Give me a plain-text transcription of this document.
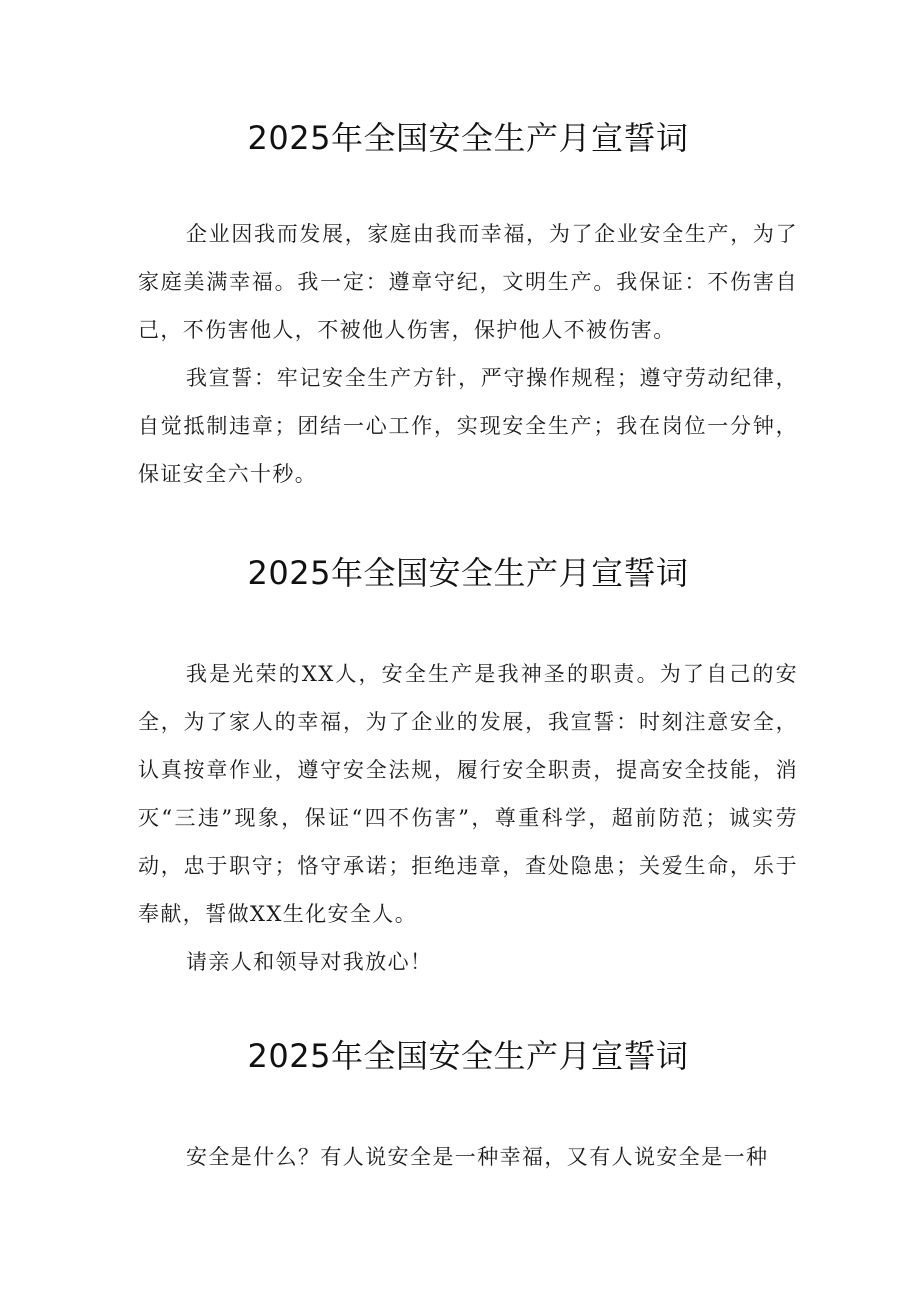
2025年全国安全生产月宣誓词

企业因我而发展，家庭由我而幸福，为了企业安全生产，为了家庭美满幸福。我一定：遵章守纪，文明生产。我保证：不伤害自己，不伤害他人，不被他人伤害，保护他人不被伤害。

我宣誓：牢记安全生产方针，严守操作规程；遵守劳动纪律，自觉抵制违章；团结一心工作，实现安全生产；我在岗位一分钟，保证安全六十秒。

2025年全国安全生产月宣誓词

我是光荣的XX人，安全生产是我神圣的职责。为了自己的安全，为了家人的幸福，为了企业的发展，我宣誓：时刻注意安全，认真按章作业，遵守安全法规，履行安全职责，提高安全技能，消灭“三违”现象，保证“四不伤害”，尊重科学，超前防范；诚实劳动，忠于职守；恪守承诺；拒绝违章，查处隐患；关爱生命，乐于奉献，誓做XX生化安全人。

请亲人和领导对我放心！

2025年全国安全生产月宣誓词

安全是什么？有人说安全是一种幸福，又有人说安全是一种
